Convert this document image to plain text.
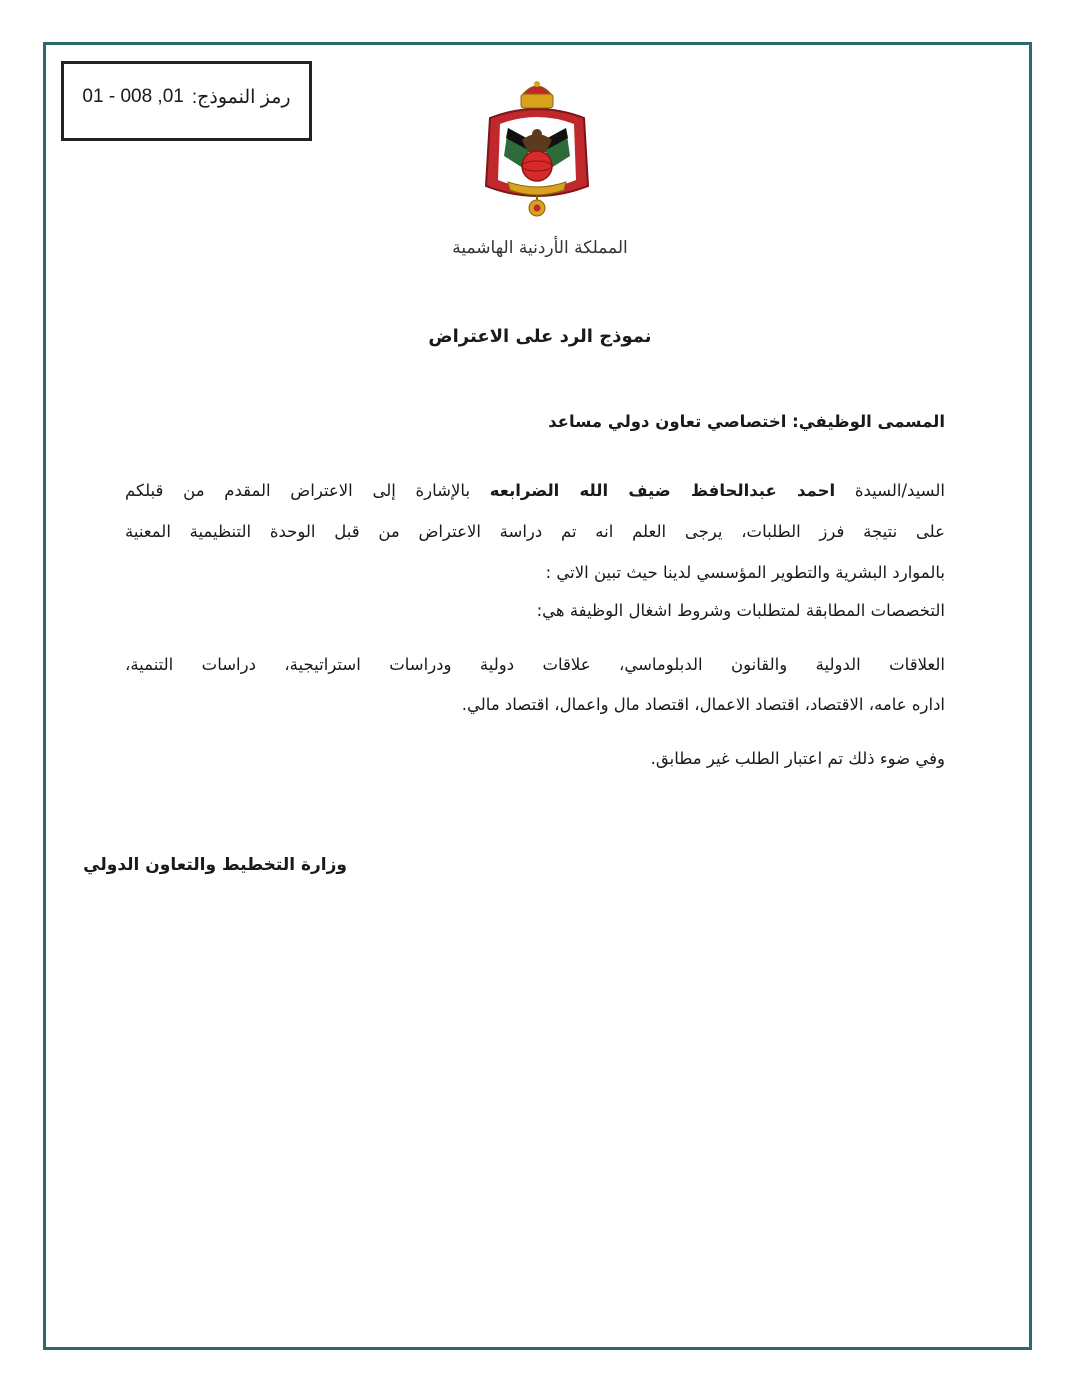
رمز النموذج:
01 - 008 ,01
المملكة الأردنية الهاشمية
نموذج الرد على الاعتراض
المسمى الوظيفي: اختصاصي تعاون دولي مساعد
السيد/السيدة احمد عبدالحافظ ضيف الله الضرابعه بالإشارة إلى الاعتراض المقدم من قبلكم
على نتيجة فرز الطلبات، يرجى العلم انه تم دراسة الاعتراض من قبل الوحدة التنظيمية المعنية
بالموارد البشرية والتطوير المؤسسي لدينا حيث تبين الاتي :
التخصصات المطابقة لمتطلبات وشروط اشغال الوظيفة هي:
العلاقات الدولية والقانون الدبلوماسي، علاقات دولية ودراسات استراتيجية، دراسات التنمية،
اداره عامه، الاقتصاد، اقتصاد الاعمال، اقتصاد مال واعمال، اقتصاد مالي.
وفي ضوء ذلك تم اعتبار الطلب غير مطابق.
وزارة التخطيط والتعاون الدولي
